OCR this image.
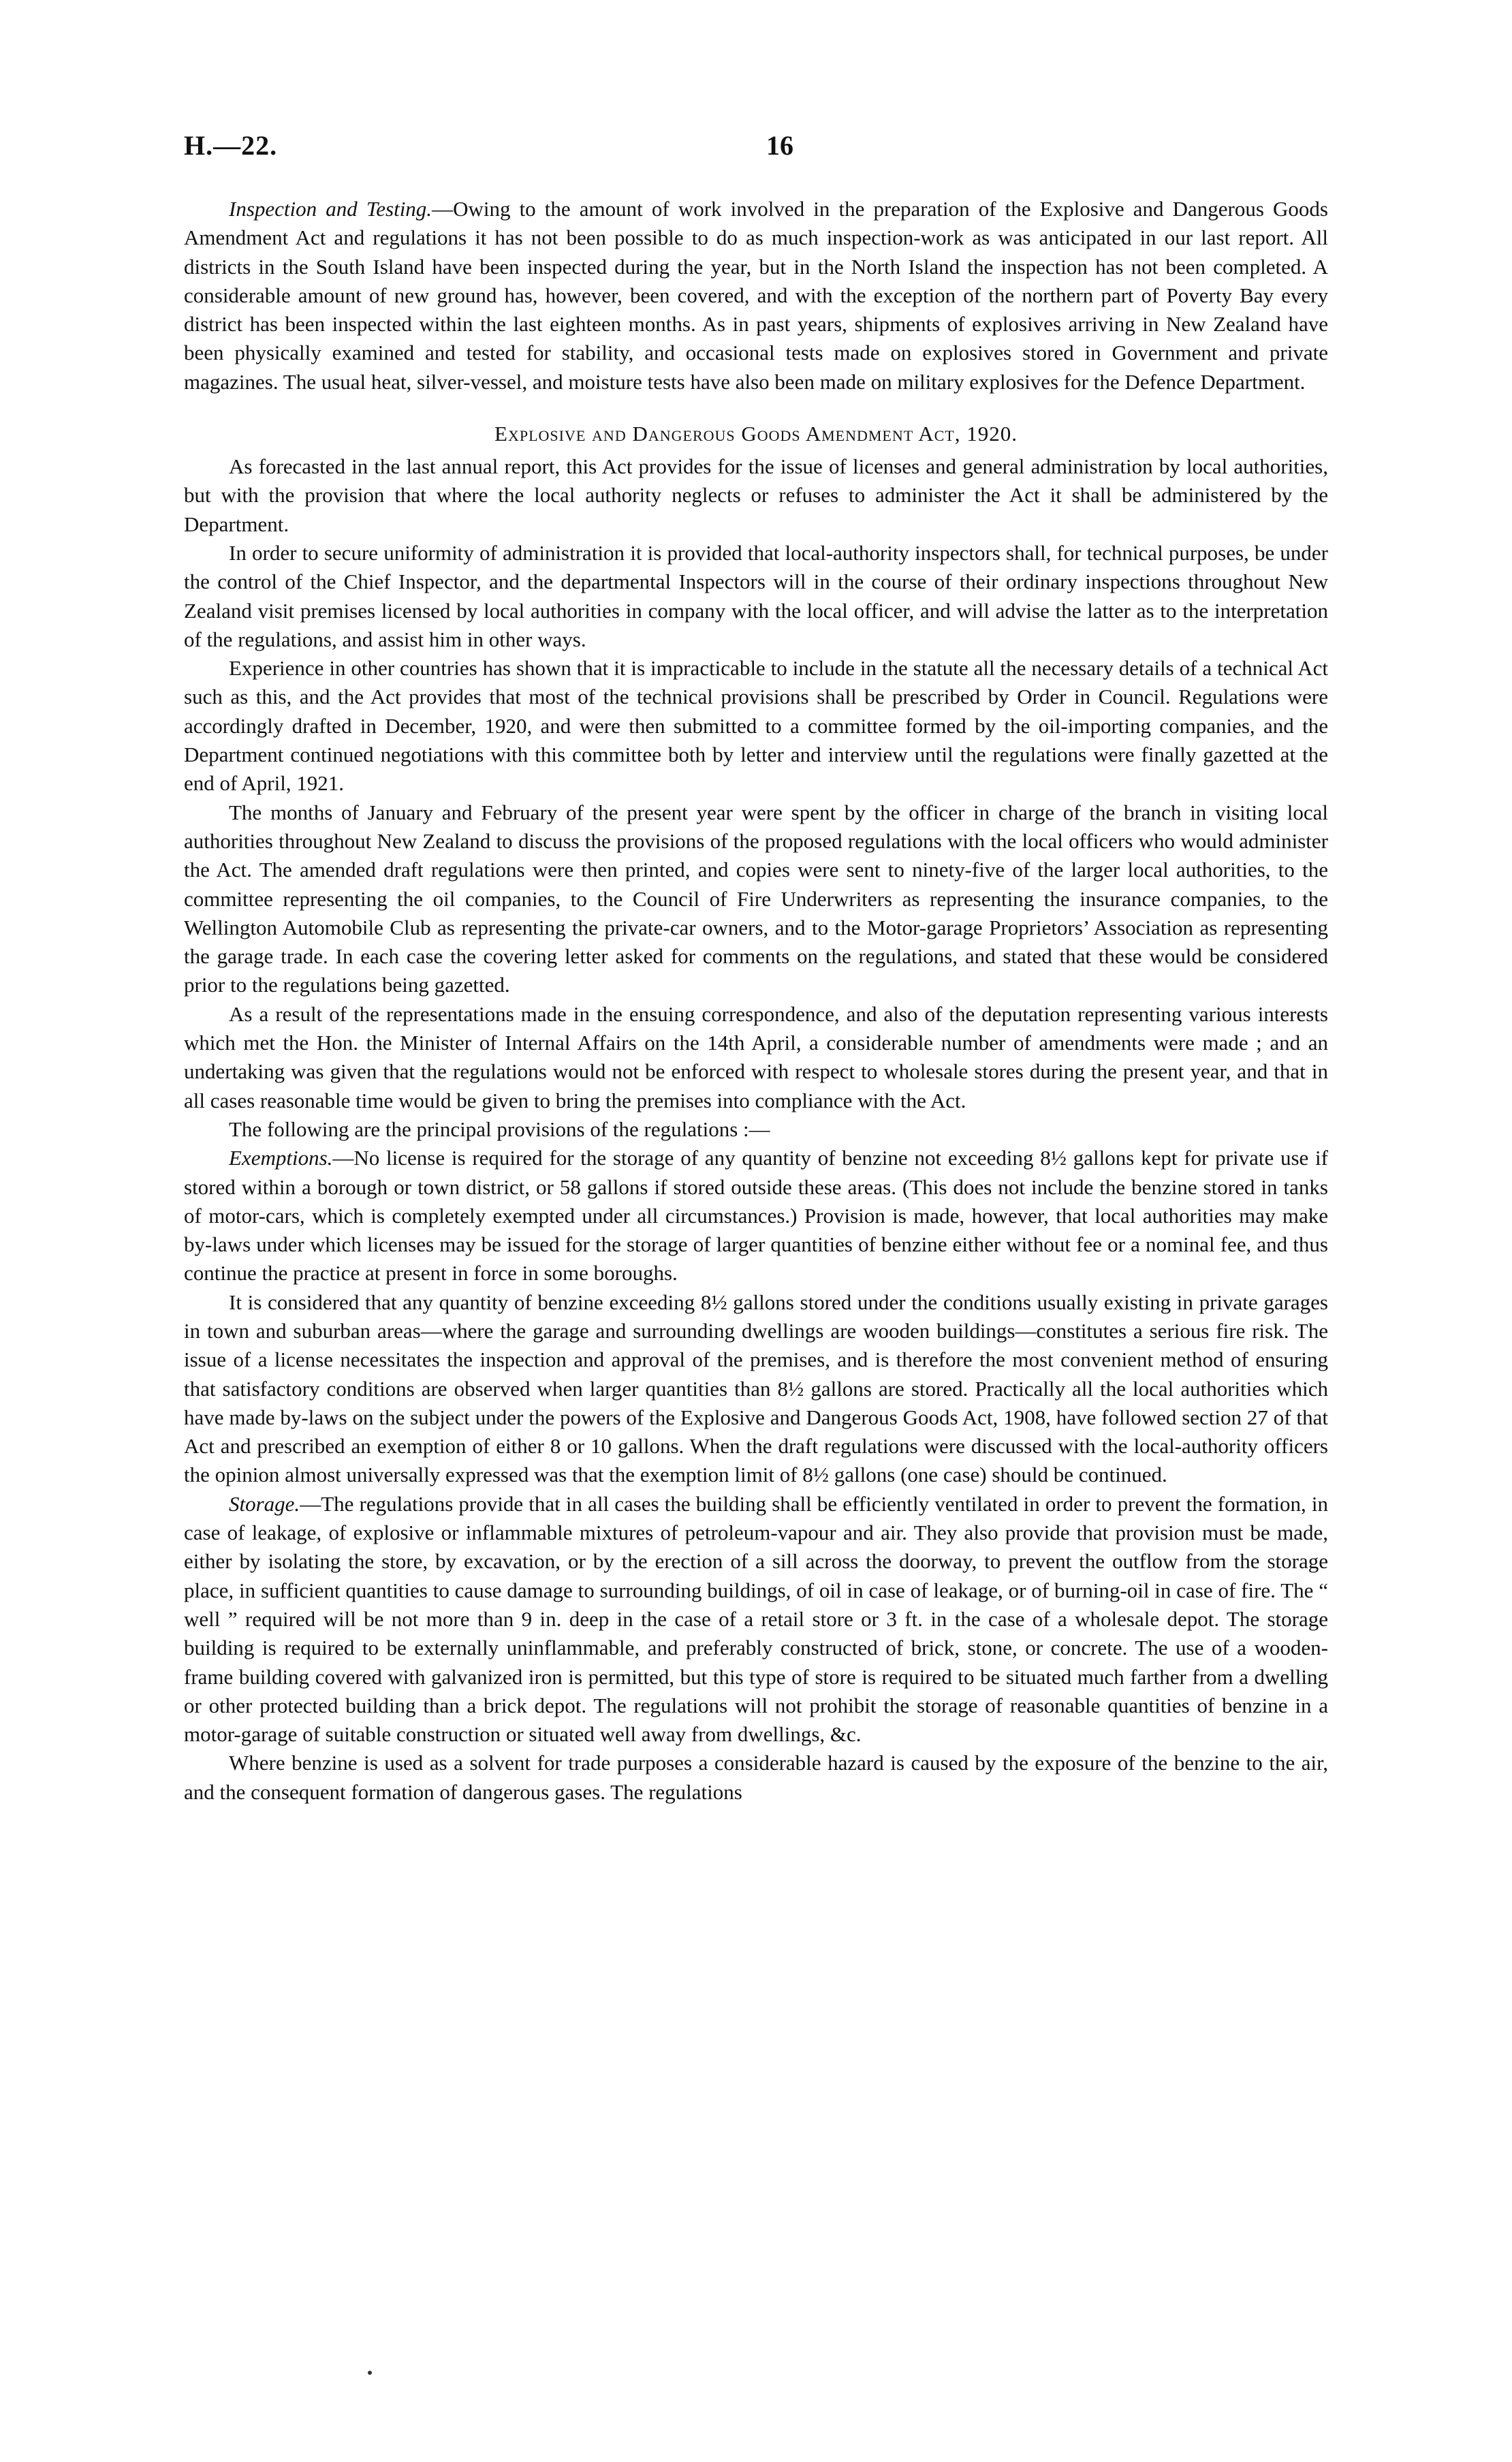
H.—22.	16

Inspection and Testing.—Owing to the amount of work involved in the preparation of the Explosive and Dangerous Goods Amendment Act and regulations it has not been possible to do as much inspection-work as was anticipated in our last report. All districts in the South Island have been inspected during the year, but in the North Island the inspection has not been completed. A considerable amount of new ground has, however, been covered, and with the exception of the northern part of Poverty Bay every district has been inspected within the last eighteen months. As in past years, shipments of explosives arriving in New Zealand have been physically examined and tested for stability, and occasional tests made on explosives stored in Government and private magazines. The usual heat, silver-vessel, and moisture tests have also been made on military explosives for the Defence Department.

Explosive and Dangerous Goods Amendment Act, 1920.

As forecasted in the last annual report, this Act provides for the issue of licenses and general administration by local authorities, but with the provision that where the local authority neglects or refuses to administer the Act it shall be administered by the Department.

In order to secure uniformity of administration it is provided that local-authority inspectors shall, for technical purposes, be under the control of the Chief Inspector, and the departmental Inspectors will in the course of their ordinary inspections throughout New Zealand visit premises licensed by local authorities in company with the local officer, and will advise the latter as to the interpretation of the regulations, and assist him in other ways.

Experience in other countries has shown that it is impracticable to include in the statute all the necessary details of a technical Act such as this, and the Act provides that most of the technical provisions shall be prescribed by Order in Council. Regulations were accordingly drafted in December, 1920, and were then submitted to a committee formed by the oil-importing companies, and the Department continued negotiations with this committee both by letter and interview until the regulations were finally gazetted at the end of April, 1921.

The months of January and February of the present year were spent by the officer in charge of the branch in visiting local authorities throughout New Zealand to discuss the provisions of the proposed regulations with the local officers who would administer the Act. The amended draft regulations were then printed, and copies were sent to ninety-five of the larger local authorities, to the committee representing the oil companies, to the Council of Fire Underwriters as representing the insurance companies, to the Wellington Automobile Club as representing the private-car owners, and to the Motor-garage Proprietors’ Association as representing the garage trade. In each case the covering letter asked for comments on the regulations, and stated that these would be considered prior to the regulations being gazetted.

As a result of the representations made in the ensuing correspondence, and also of the deputation representing various interests which met the Hon. the Minister of Internal Affairs on the 14th April, a considerable number of amendments were made ; and an undertaking was given that the regulations would not be enforced with respect to wholesale stores during the present year, and that in all cases reasonable time would be given to bring the premises into compliance with the Act.

The following are the principal provisions of the regulations :—

Exemptions.—No license is required for the storage of any quantity of benzine not exceeding 8½ gallons kept for private use if stored within a borough or town district, or 58 gallons if stored outside these areas. (This does not include the benzine stored in tanks of motor-cars, which is completely exempted under all circumstances.) Provision is made, however, that local authorities may make by-laws under which licenses may be issued for the storage of larger quantities of benzine either without fee or a nominal fee, and thus continue the practice at present in force in some boroughs.

It is considered that any quantity of benzine exceeding 8½ gallons stored under the conditions usually existing in private garages in town and suburban areas—where the garage and surrounding dwellings are wooden buildings—constitutes a serious fire risk. The issue of a license necessitates the inspection and approval of the premises, and is therefore the most convenient method of ensuring that satisfactory conditions are observed when larger quantities than 8½ gallons are stored. Practically all the local authorities which have made by-laws on the subject under the powers of the Explosive and Dangerous Goods Act, 1908, have followed section 27 of that Act and prescribed an exemption of either 8 or 10 gallons. When the draft regulations were discussed with the local-authority officers the opinion almost universally expressed was that the exemption limit of 8½ gallons (one case) should be continued.

Storage.—The regulations provide that in all cases the building shall be efficiently ventilated in order to prevent the formation, in case of leakage, of explosive or inflammable mixtures of petroleum-vapour and air. They also provide that provision must be made, either by isolating the store, by excavation, or by the erection of a sill across the doorway, to prevent the outflow from the storage place, in sufficient quantities to cause damage to surrounding buildings, of oil in case of leakage, or of burning-oil in case of fire. The “ well ” required will be not more than 9 in. deep in the case of a retail store or 3 ft. in the case of a wholesale depot. The storage building is required to be externally uninflammable, and preferably constructed of brick, stone, or concrete. The use of a wooden-frame building covered with galvanized iron is permitted, but this type of store is required to be situated much farther from a dwelling or other protected building than a brick depot. The regulations will not prohibit the storage of reasonable quantities of benzine in a motor-garage of suitable construction or situated well away from dwellings, &c.

Where benzine is used as a solvent for trade purposes a considerable hazard is caused by the exposure of the benzine to the air, and the consequent formation of dangerous gases. The regulations
